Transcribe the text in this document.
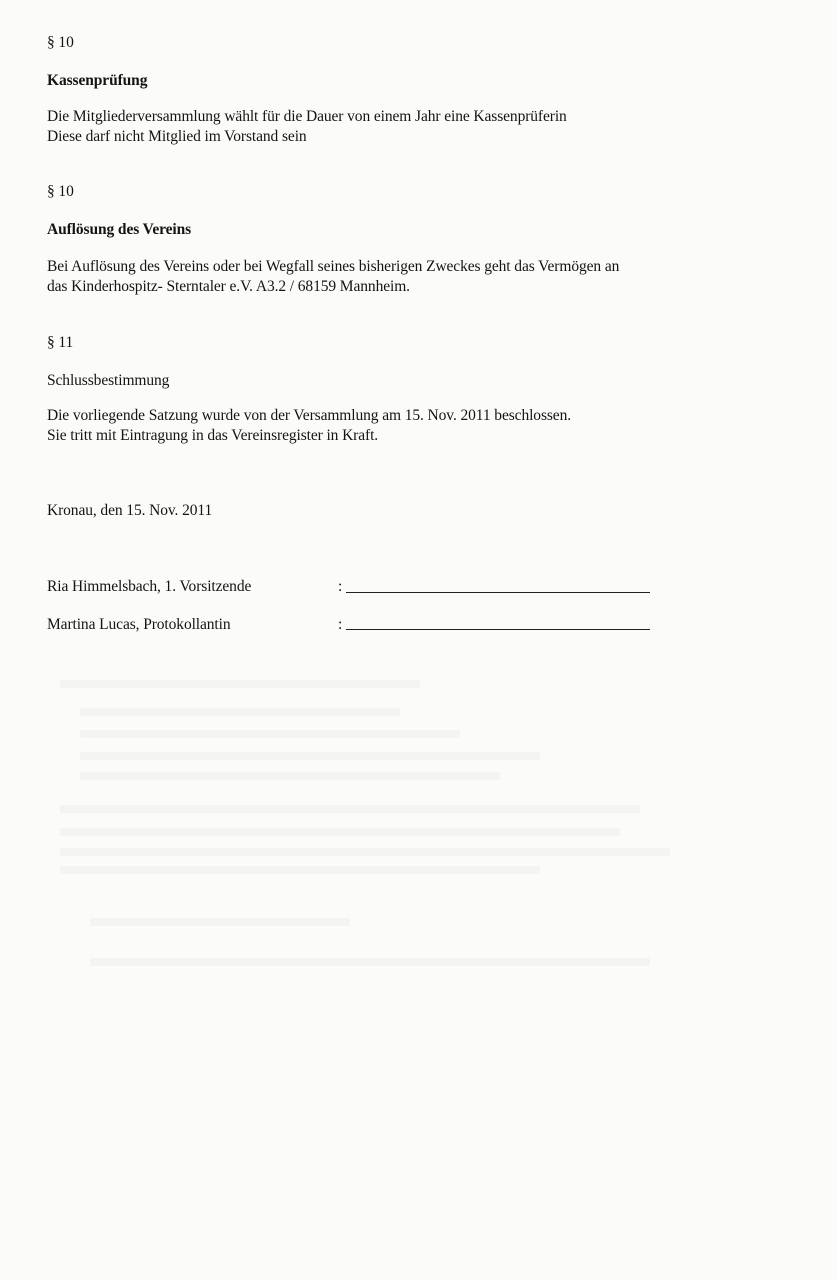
§ 10
Kassenprüfung
Die Mitgliederversammlung wählt für die Dauer von einem Jahr eine Kassenprüferin
Diese darf nicht Mitglied im Vorstand sein
§ 10
Auflösung des Vereins
Bei Auflösung des Vereins oder bei Wegfall seines bisherigen Zweckes geht das Vermögen an
das Kinderhospitz- Sterntaler e.V. A3.2 / 68159 Mannheim.
§ 11
Schlussbestimmung
Die vorliegende Satzung wurde von der Versammlung am 15. Nov. 2011 beschlossen.
Sie tritt mit Eintragung in das Vereinsregister in Kraft.
Kronau, den 15. Nov. 2011
Ria Himmelsbach, 1. Vorsitzende	:
Martina Lucas, Protokollantin	:
